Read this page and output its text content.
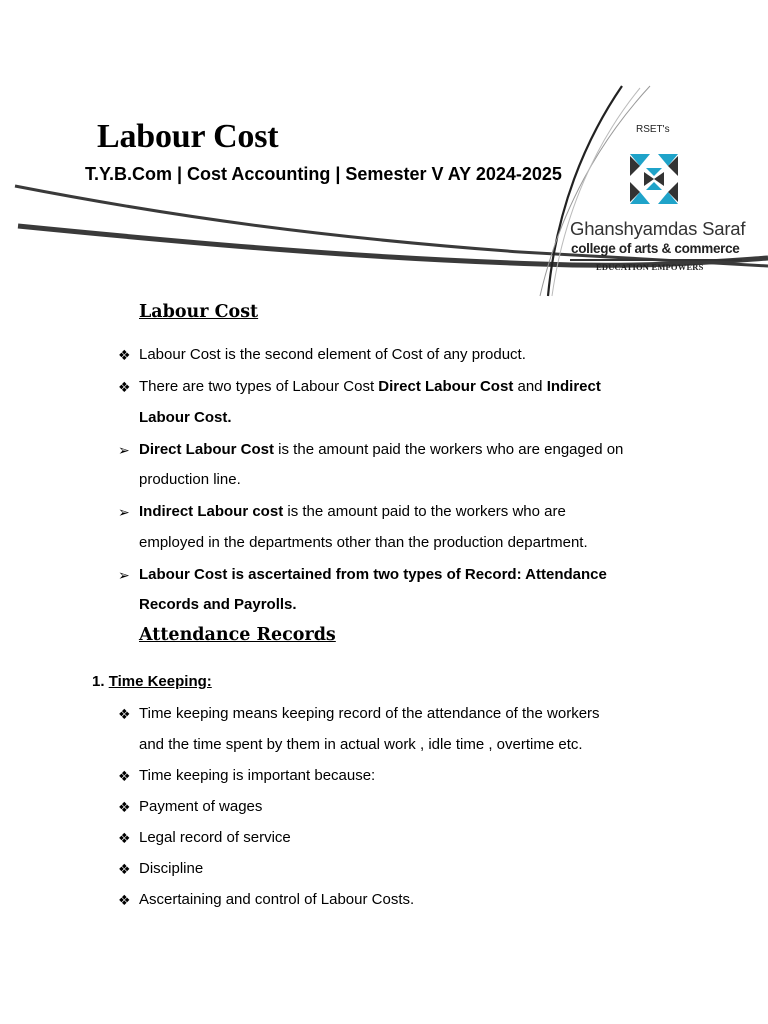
Labour Cost
T.Y.B.Com | Cost Accounting | Semester V AY 2024-2025
RSET's
Ghanshyamdas Saraf
college of arts & commerce
EDUCATION EMPOWERS
Labour Cost
❖ Labour Cost is the second element of Cost of any product.
❖ There are two types of Labour Cost Direct Labour Cost and Indirect
Labour Cost.
➢ Direct Labour Cost is the amount paid the workers who are engaged on
production line.
➢ Indirect Labour cost is the amount paid to the workers who are
employed in the departments other than the production department.
➢ Labour Cost is ascertained from two types of Record: Attendance
Records and Payrolls.
Attendance Records
1. Time Keeping:
❖ Time keeping means keeping record of the attendance of the workers
and the time spent by them in actual work , idle time , overtime etc.
❖ Time keeping is important because:
❖ Payment of wages
❖ Legal record of service
❖ Discipline
❖ Ascertaining and control of Labour Costs.
